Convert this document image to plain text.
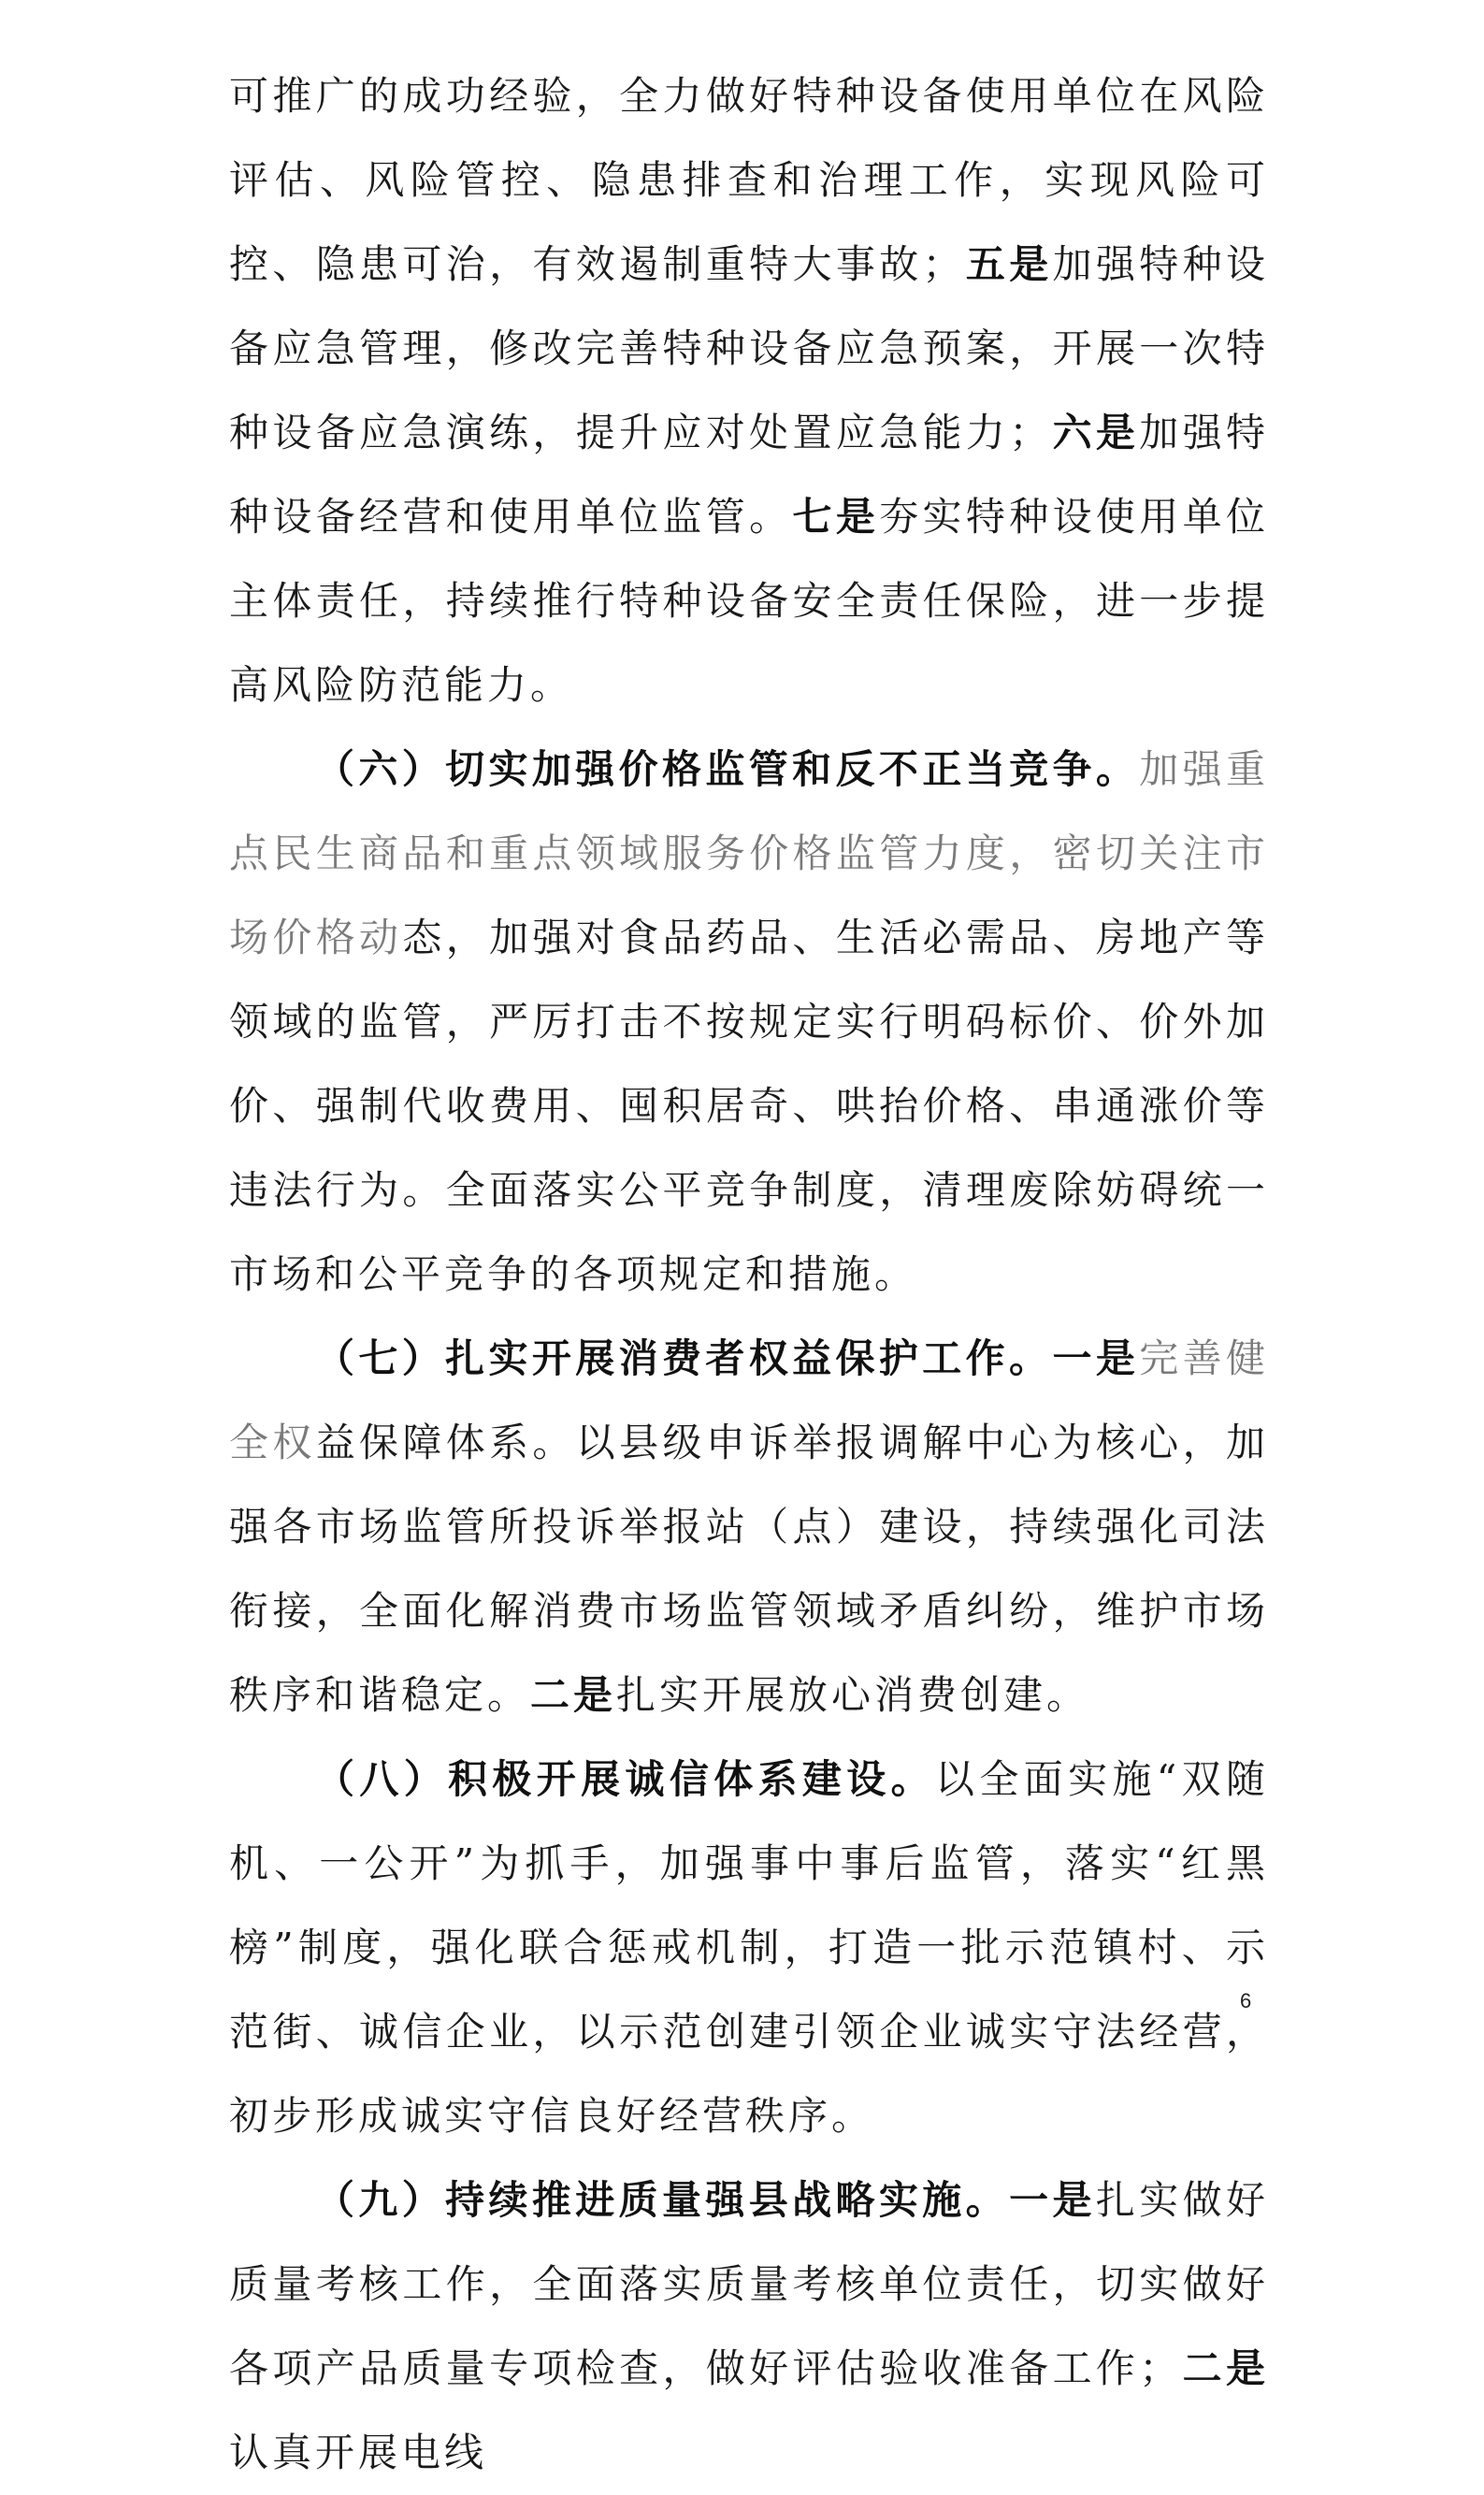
可推广的成功经验，全力做好特种设备使用单位在风险评估、风险管控、隐患排查和治理工作，实现风险可控、隐患可治，有效遏制重特大事故；五是加强特种设备应急管理，修改完善特种设备应急预案，开展一次特种设备应急演练，提升应对处置应急能力；六是加强特种设备经营和使用单位监管。七是夯实特种设使用单位主体责任，持续推行特种设备安全责任保险，进一步提高风险防范能力。

（六）切实加强价格监管和反不正当竞争。加强重点民生商品和重点领域服务价格监管力度，密切关注市场价格动态，加强对食品药品、生活必需品、房地产等领域的监管，严厉打击不按规定实行明码标价、价外加价、强制代收费用、囤积居奇、哄抬价格、串通涨价等违法行为。全面落实公平竞争制度，清理废除妨碍统一市场和公平竞争的各项规定和措施。

（七）扎实开展消费者权益保护工作。一是完善健全权益保障体系。以县级申诉举报调解中心为核心，加强各市场监管所投诉举报站（点）建设，持续强化司法衔接，全面化解消费市场监管领域矛盾纠纷，维护市场秩序和谐稳定。二是扎实开展放心消费创建。

（八）积极开展诚信体系建设。以全面实施“双随机、一公开”为抓手，加强事中事后监管，落实“红黑榜”制度，强化联合惩戒机制，打造一批示范镇村、示范街、诚信企业，以示范创建引领企业诚实守法经营，初步形成诚实守信良好经营秩序。

（九）持续推进质量强县战略实施。一是扎实做好质量考核工作，全面落实质量考核单位责任，切实做好各项产品质量专项检查，做好评估验收准备工作；二是认真开展电线

6
